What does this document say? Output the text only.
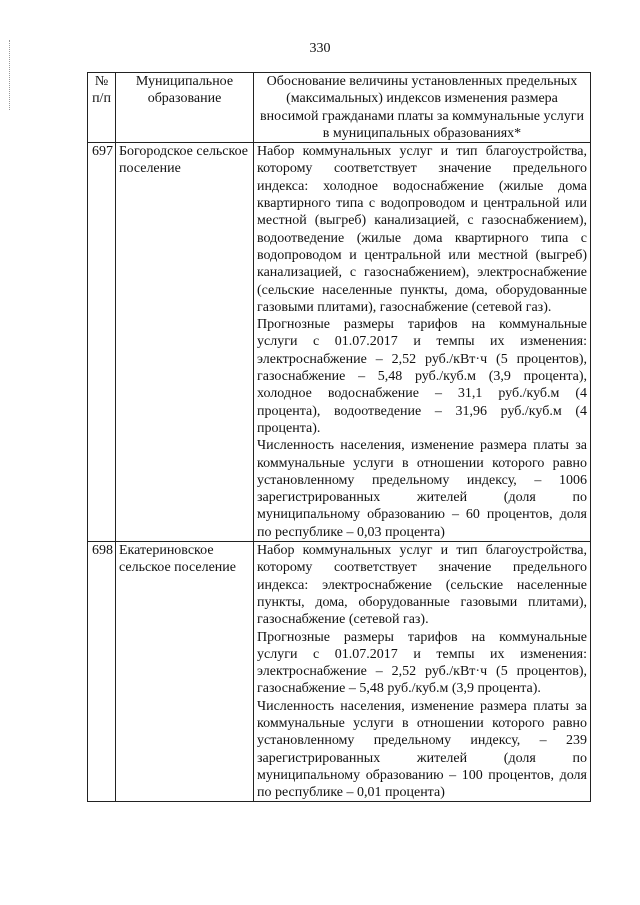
330
№ п/п	Муниципальное образование	Обоснование величины установленных предельных (максимальных) индексов изменения размера вносимой гражданами платы за коммунальные услуги в муниципальных образованиях*
697	Богородское сельское поселение	Набор коммунальных услуг и тип благоустройства, которому соответствует значение предельного индекса: холодное водоснабжение (жилые дома квартирного типа с водопроводом и центральной или местной (выгреб) канализацией, с газоснабжением), водоотведение (жилые дома квартирного типа с водопроводом и центральной или местной (выгреб) канализацией, с газоснабжением), электроснабжение (сельские населенные пункты, дома, оборудованные газовыми плитами), газоснабжение (сетевой газ).

Прогнозные размеры тарифов на коммунальные услуги с 01.07.2017 и темпы их изменения: электроснабжение – 2,52 руб./кВт·ч (5 процентов), газоснабжение – 5,48 руб./куб.м (3,9 процента), холодное водоснабжение – 31,1 руб./куб.м (4 процента), водоотведение – 31,96 руб./куб.м (4 процента).

Численность населения, изменение размера платы за коммунальные услуги в отношении которого равно установленному предельному индексу, – 1006 зарегистрированных жителей (доля по муниципальному образованию – 60 процентов, доля по республике – 0,03 процента)

698	Екатериновское сельское поселение	Набор коммунальных услуг и тип благоустройства, которому соответствует значение предельного индекса: электроснабжение (сельские населенные пункты, дома, оборудованные газовыми плитами), газоснабжение (сетевой газ).

Прогнозные размеры тарифов на коммунальные услуги с 01.07.2017 и темпы их изменения: электроснабжение – 2,52 руб./кВт·ч (5 процентов), газоснабжение – 5,48 руб./куб.м (3,9 процента).

Численность населения, изменение размера платы за коммунальные услуги в отношении которого равно установленному предельному индексу, – 239 зарегистрированных жителей (доля по муниципальному образованию – 100 процентов, доля по республике – 0,01 процента)
